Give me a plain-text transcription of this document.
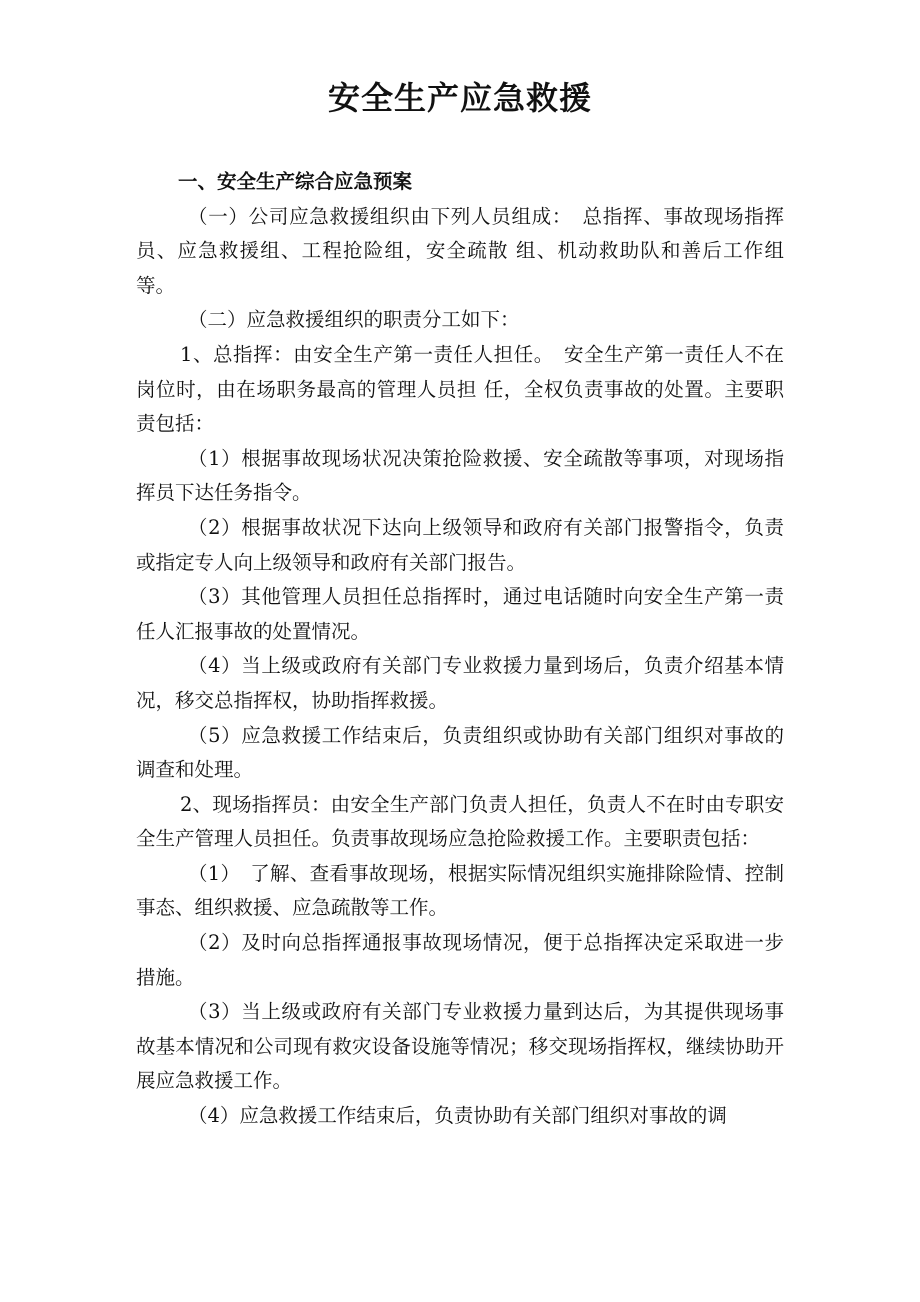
安全生产应急救援

一、安全生产综合应急预案

（一）公司应急救援组织由下列人员组成：　总指挥、事故现场指挥员、应急救援组、工程抢险组，安全疏散 组、机动救助队和善后工作组等。

（二）应急救援组织的职责分工如下：

1、总指挥：由安全生产第一责任人担任。　安全生产第一责任人不在岗位时，由在场职务最高的管理人员担 任，全权负责事故的处置。主要职责包括：

（1）根据事故现场状况决策抢险救援、安全疏散等事项，对现场指挥员下达任务指令。

（2）根据事故状况下达向上级领导和政府有关部门报警指令，负责或指定专人向上级领导和政府有关部门报告。

（3）其他管理人员担任总指挥时，通过电话随时向安全生产第一责任人汇报事故的处置情况。

（4）当上级或政府有关部门专业救援力量到场后，负责介绍基本情况，移交总指挥权，协助指挥救援。

（5）应急救援工作结束后，负责组织或协助有关部门组织对事故的调查和处理。

2、现场指挥员：由安全生产部门负责人担任，负责人不在时由专职安全生产管理人员担任。负责事故现场应急抢险救援工作。主要职责包括：

（1）　了解、查看事故现场，根据实际情况组织实施排除险情、控制事态、组织救援、应急疏散等工作。

（2）及时向总指挥通报事故现场情况，便于总指挥决定采取进一步措施。

（3）当上级或政府有关部门专业救援力量到达后，为其提供现场事故基本情况和公司现有救灾设备设施等情况；移交现场指挥权，继续协助开展应急救援工作。

（4）应急救援工作结束后，负责协助有关部门组织对事故的调
